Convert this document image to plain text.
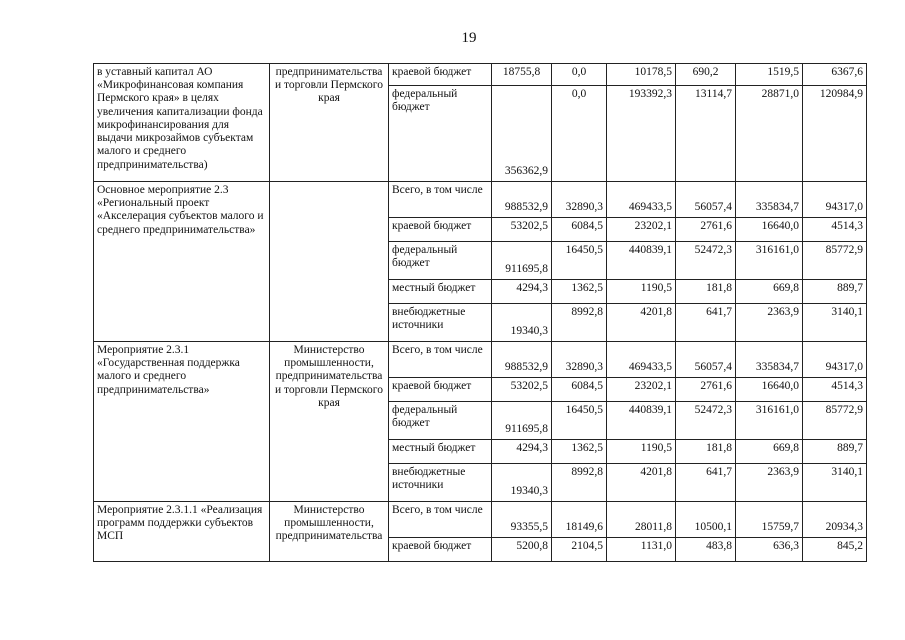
19
в уставный капитал АО «Микрофинансовая компания Пермского края» в целях увеличения капитализации фонда микрофинансирования для выдачи микрозаймов субъектам малого и среднего предпринимательства)	предпринимательства и торговли Пермского края	краевой бюджет	18755,8	0,0	10178,5	690,2	1519,5	6367,6
		федеральный бюджет	356362,9	0,0	193392,3	13114,7	28871,0	120984,9
Основное мероприятие 2.3 «Региональный проект «Акселерация субъектов малого и среднего предпринимательства»		Всего, в том числе	988532,9	32890,3	469433,5	56057,4	335834,7	94317,0
		краевой бюджет	53202,5	6084,5	23202,1	2761,6	16640,0	4514,3
		федеральный бюджет	911695,8	16450,5	440839,1	52472,3	316161,0	85772,9
		местный бюджет	4294,3	1362,5	1190,5	181,8	669,8	889,7
		внебюджетные источники	19340,3	8992,8	4201,8	641,7	2363,9	3140,1
Мероприятие 2.3.1 «Государственная поддержка малого и среднего предпринимательства»	Министерство промышленности, предпринимательства и торговли Пермского края	Всего, в том числе	988532,9	32890,3	469433,5	56057,4	335834,7	94317,0
		краевой бюджет	53202,5	6084,5	23202,1	2761,6	16640,0	4514,3
		федеральный бюджет	911695,8	16450,5	440839,1	52472,3	316161,0	85772,9
		местный бюджет	4294,3	1362,5	1190,5	181,8	669,8	889,7
		внебюджетные источники	19340,3	8992,8	4201,8	641,7	2363,9	3140,1
Мероприятие 2.3.1.1 «Реализация программ поддержки субъектов МСП	Министерство промышленности, предпринимательства	Всего, в том числе	93355,5	18149,6	28011,8	10500,1	15759,7	20934,3
		краевой бюджет	5200,8	2104,5	1131,0	483,8	636,3	845,2
